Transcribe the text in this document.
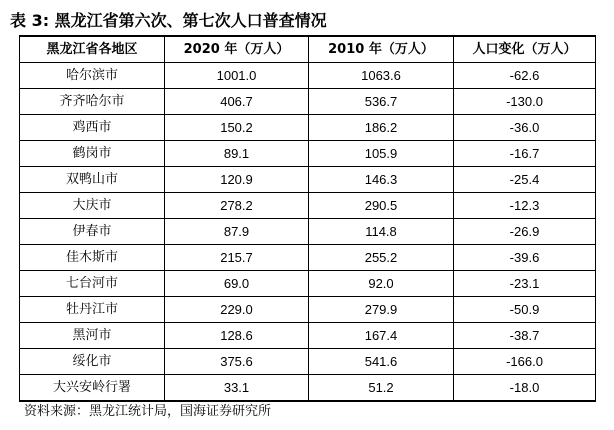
表 3: 黑龙江省第六次、第七次人口普查情况
黑龙江省各地区	2020 年（万人）	2010 年（万人）	人口变化（万人）
哈尔滨市	1001.0	1063.6	-62.6
齐齐哈尔市	406.7	536.7	-130.0
鸡西市	150.2	186.2	-36.0
鹤岗市	89.1	105.9	-16.7
双鸭山市	120.9	146.3	-25.4
大庆市	278.2	290.5	-12.3
伊春市	87.9	114.8	-26.9
佳木斯市	215.7	255.2	-39.6
七台河市	69.0	92.0	-23.1
牡丹江市	229.0	279.9	-50.9
黑河市	128.6	167.4	-38.7
绥化市	375.6	541.6	-166.0
大兴安岭行署	33.1	51.2	-18.0
资料来源：黑龙江统计局，国海证券研究所
